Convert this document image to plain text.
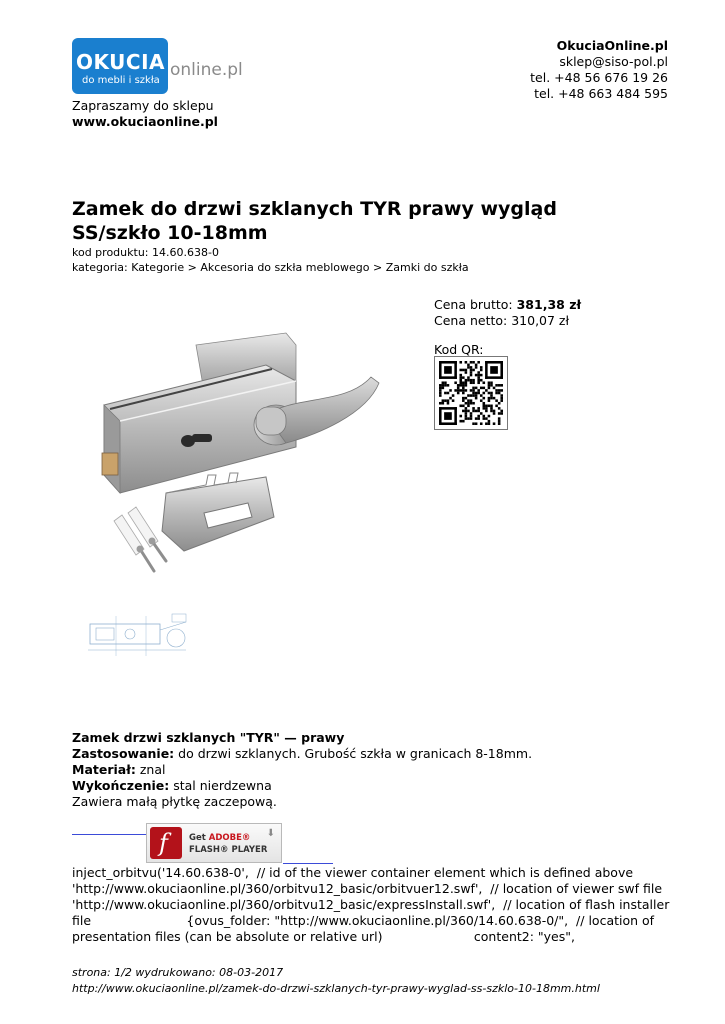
OKUCIA
do mebli i szkła
online.pl
Zapraszamy do sklepu
www.okuciaonline.pl
OkuciaOnline.pl
sklep@siso-pol.pl
tel. +48 56 676 19 26
tel. +48 663 484 595
Zamek do drzwi szklanych TYR prawy wygląd SS/szkło 10-18mm
kod produktu: 14.60.638-0
kategoria: Kategorie > Akcesoria do szkła meblowego > Zamki do szkła
Cena brutto: 381,38 zł
Cena netto: 310,07 zł
Kod QR:
Zamek drzwi szklanych "TYR" — prawy
Zastosowanie: do drzwi szklanych. Grubość szkła w granicach 8-18mm.
Materiał: znal
Wykończenie: stal nierdzewna
Zawiera małą płytkę zaczepową.
f Get ADOBE®
FLASH® PLAYER
⬇
inject_orbitvu('14.60.638-0',  // id of the viewer container element which is defined above
'http://www.okuciaonline.pl/360/orbitvu12_basic/orbitvuer12.swf',  // location of viewer swf file
'http://www.okuciaonline.pl/360/orbitvu12_basic/expressInstall.swf',  // location of flash installer
file                        {ovus_folder: "http://www.okuciaonline.pl/360/14.60.638-0/",  // location of
presentation files (can be absolute or relative url)                       content2: "yes",
strona: 1/2 wydrukowano: 08-03-2017
http://www.okuciaonline.pl/zamek-do-drzwi-szklanych-tyr-prawy-wyglad-ss-szklo-10-18mm.html
